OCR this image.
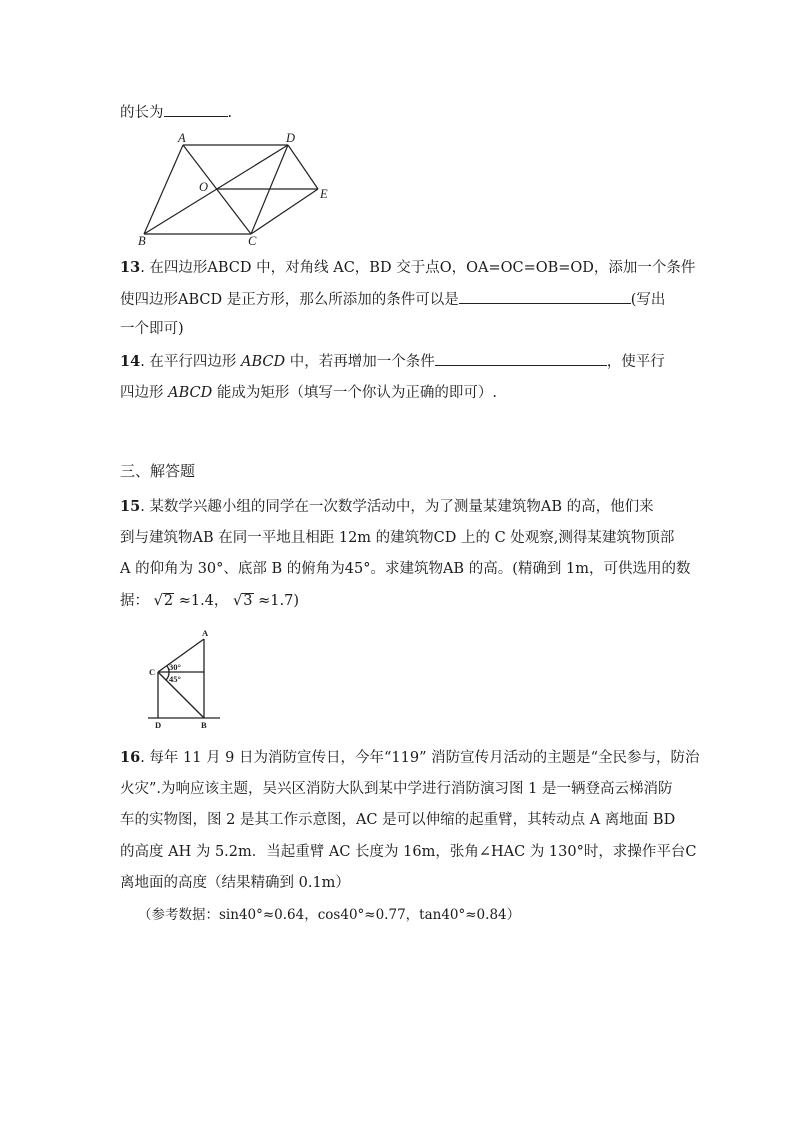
的长为	.
A	D
O	E
B	C
13. 在四边形ABCD 中，对角线 AC，BD 交于点O，OA=OC=OB=OD，添加一个条件
使四边形ABCD 是正方形，那么所添加的条件可以是	(写出
一个即可)
14. 在平行四边形 ABCD 中，若再增加一个条件	，使平行
四边形 ABCD 能成为矩形（填写一个你认为正确的即可）.
三、解答题
15. 某数学兴趣小组的同学在一次数学活动中，为了测量某建筑物AB 的高，他们来
到与建筑物AB 在同一平地且相距 12m 的建筑物CD 上的 C 处观察,测得某建筑物顶部
A 的仰角为 30°、底部 B 的俯角为45°。求建筑物AB 的高。(精确到 1m，可供选用的数
据： √2 ≈1.4， √3 ≈1.7)
A
C 30°
45°
D	B
16. 每年 11 月 9 日为消防宣传日，今年“119” 消防宣传月活动的主题是“全民参与，防治
火灾”.为响应该主题，吴兴区消防大队到某中学进行消防演习图 1 是一辆登高云梯消防
车的实物图，图 2 是其工作示意图，AC 是可以伸缩的起重臂，其转动点 A 离地面 BD
的高度 AH 为 5.2m．当起重臂 AC 长度为 16m，张角∠HAC 为 130°时，求操作平台C
离地面的高度（结果精确到 0.1m）
（参考数据：sin40°≈0.64，cos40°≈0.77，tan40°≈0.84）
